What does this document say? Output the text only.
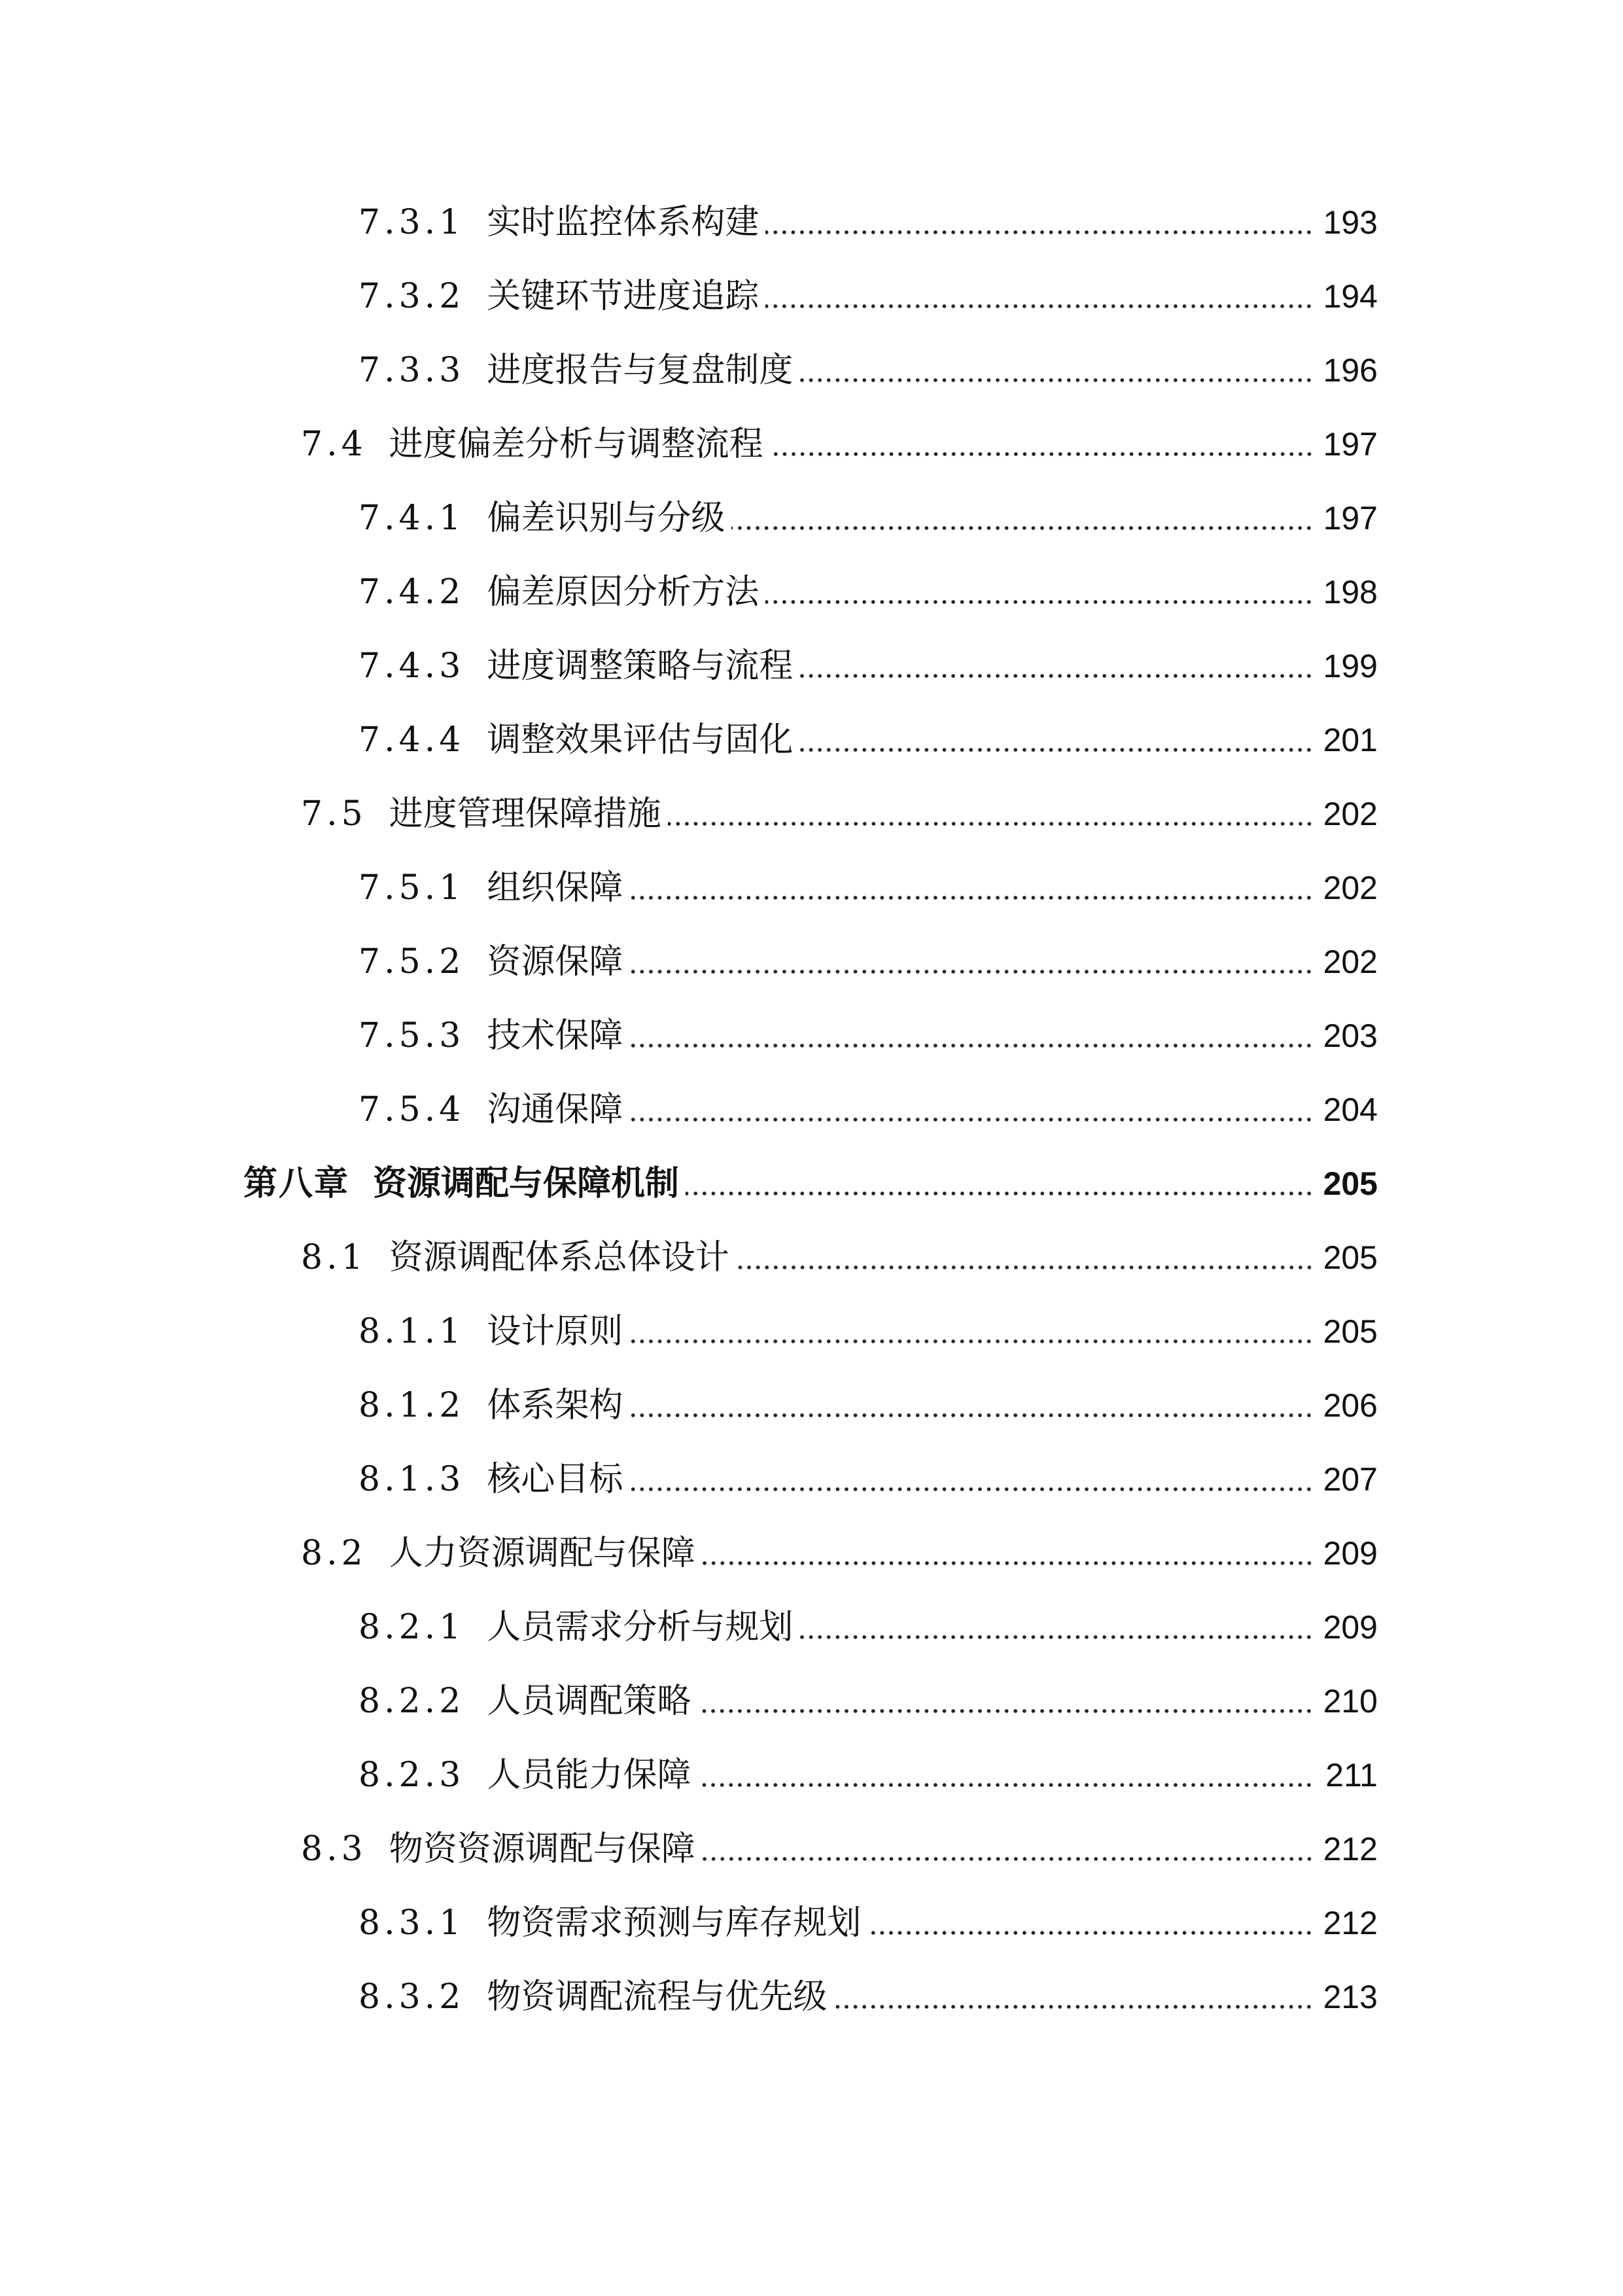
7.3.1 实时监控体系构建	193
7.3.2 关键环节进度追踪	194
7.3.3 进度报告与复盘制度	196
7.4 进度偏差分析与调整流程	197
7.4.1 偏差识别与分级	197
7.4.2 偏差原因分析方法	198
7.4.3 进度调整策略与流程	199
7.4.4 调整效果评估与固化	201
7.5 进度管理保障措施	202
7.5.1 组织保障	202
7.5.2 资源保障	202
7.5.3 技术保障	203
7.5.4 沟通保障	204
第八章 资源调配与保障机制	205
8.1 资源调配体系总体设计	205
8.1.1 设计原则	205
8.1.2 体系架构	206
8.1.3 核心目标	207
8.2 人力资源调配与保障	209
8.2.1 人员需求分析与规划	209
8.2.2 人员调配策略	210
8.2.3 人员能力保障	211
8.3 物资资源调配与保障	212
8.3.1 物资需求预测与库存规划	212
8.3.2 物资调配流程与优先级	213
